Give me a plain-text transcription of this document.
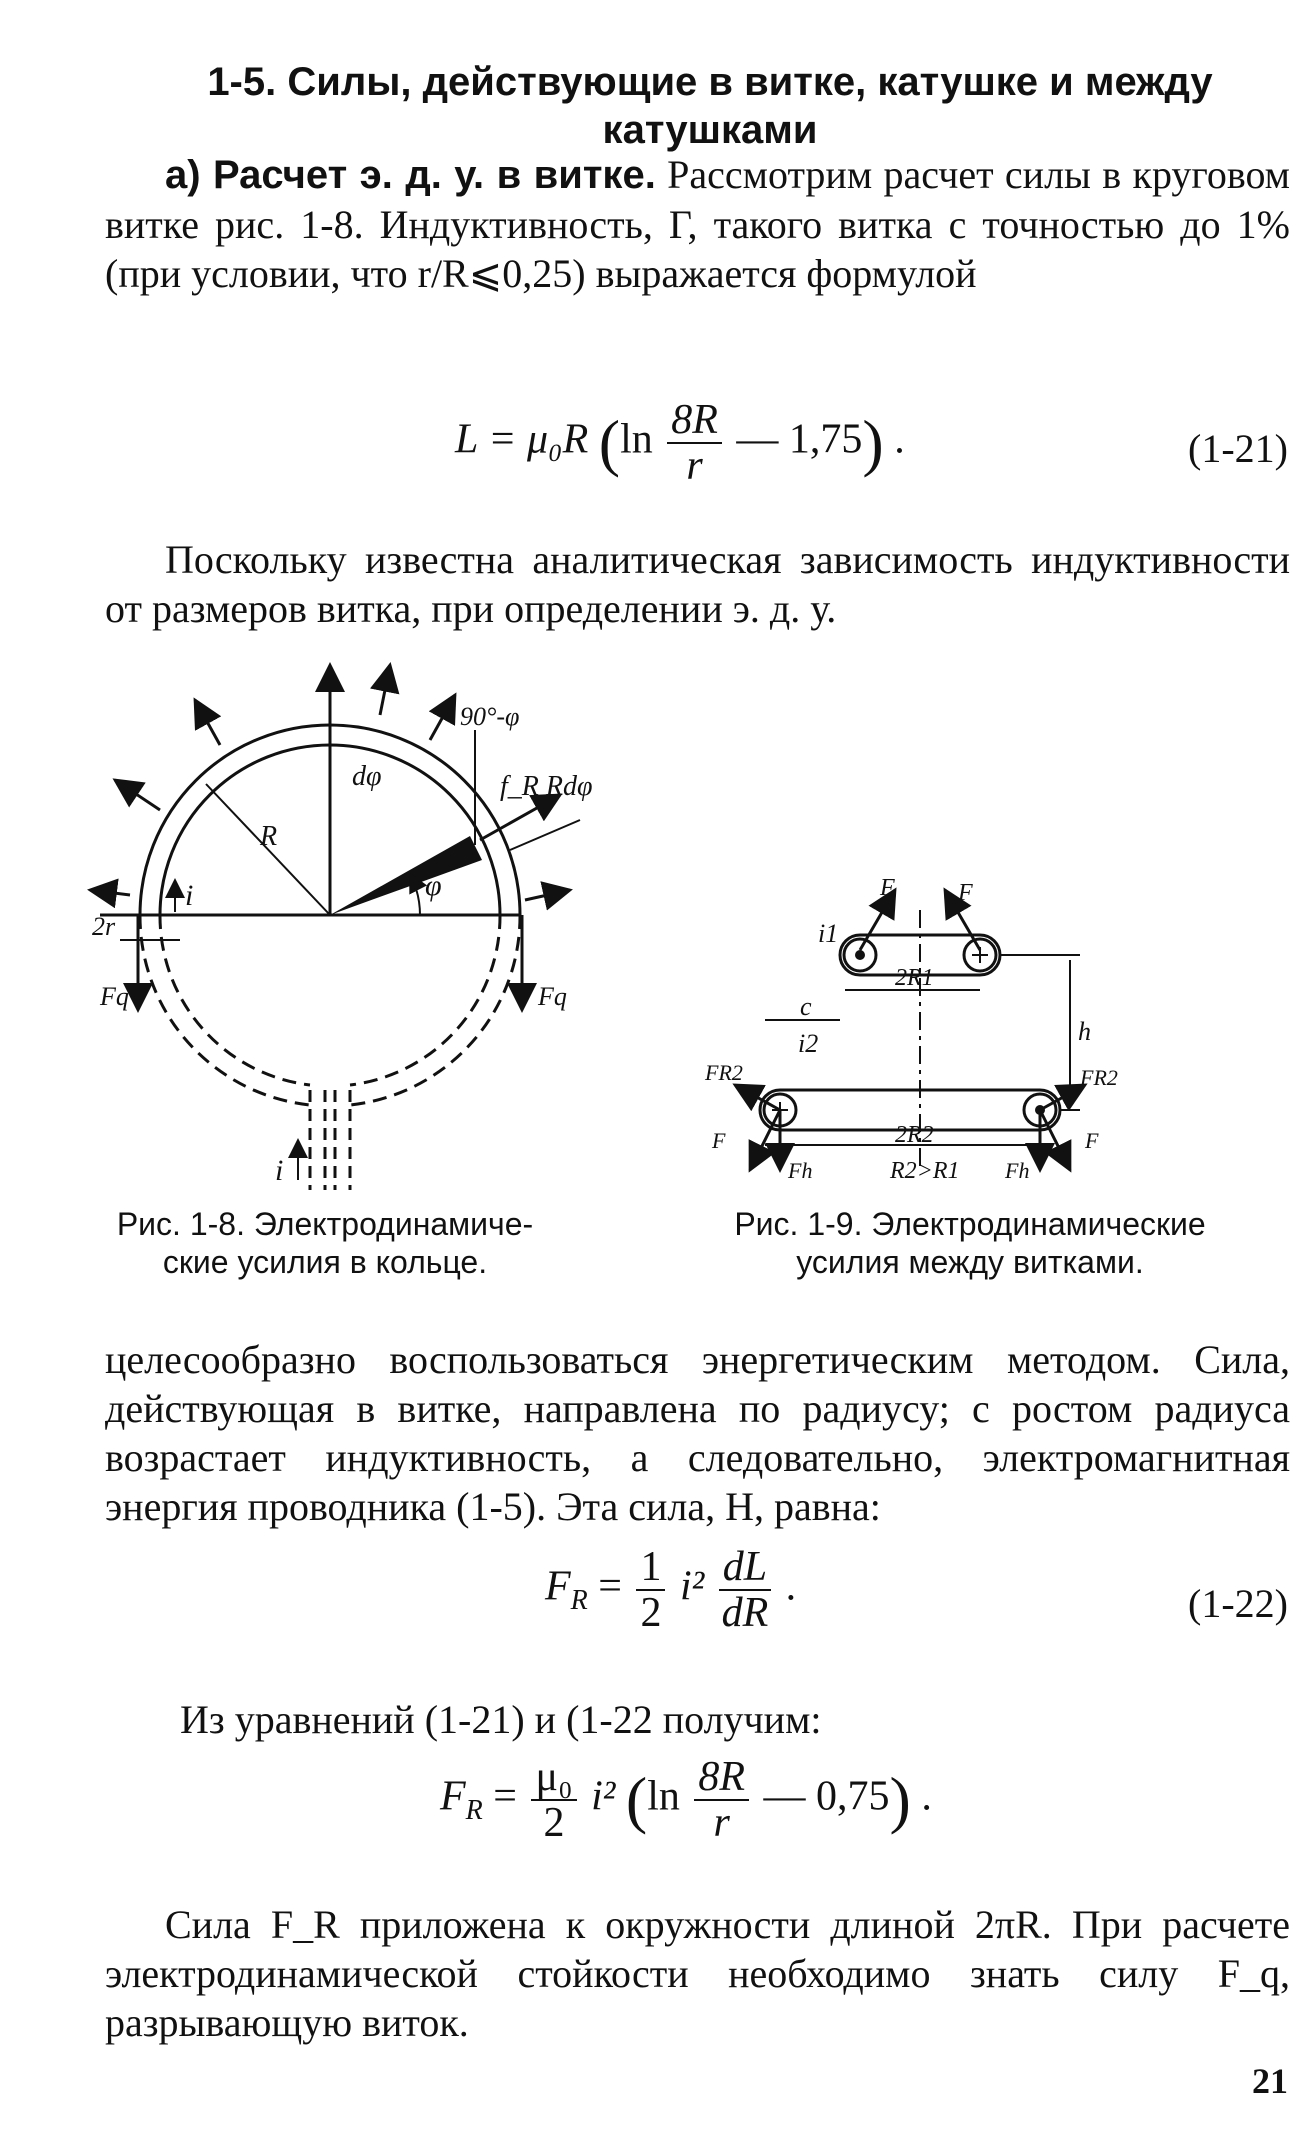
1-5. Силы, действующие в витке, катушке и между
катушками
а) Расчет э. д. у. в витке. Рассмотрим расчет силы в круговом витке рис. 1-8. Индуктивность, Г, такого витка с точностью до 1% (при условии, что r/R⩽0,25) выражается формулой
L = μ₀R ($\ln \frac{8R}{r}$ — 1,75) .	(1-21)
Поскольку известна аналитическая зависимость индуктивности от размеров витка, при определении э. д. у.
R
dφ
φ
90°-φ
f_R Rdφ
i
2r
Fq	Fq
i
F	F
i1
2R1
c
i2	h
FR2	FR2
2R2
F	F
Fh	Fh
R2>R1
Рис. 1-8. Электродинамиче-
ские усилия в кольце.
Рис. 1-9. Электродинамические
усилия между витками.
целесообразно воспользоваться энергетическим методом. Сила, действующая в витке, направлена по радиусу; с ростом радиуса возрастает индуктивность, а следовательно, электромагнитная энергия проводника (1-5). Эта сила, Н, равна:
$F_R = \frac{1}{2} i^2 \frac{dL}{dR}$ .	(1-22)
Из уравнений (1-21) и (1-22 получим:
$F_R = \frac{\text{μ₀}}{2} i^2$ ($\ln \frac{8R}{r}$ — 0,75) .
Сила F_R приложена к окружности длиной 2πR. При расчете электродинамической стойкости необходимо знать силу F_q, разрывающую виток.
21
